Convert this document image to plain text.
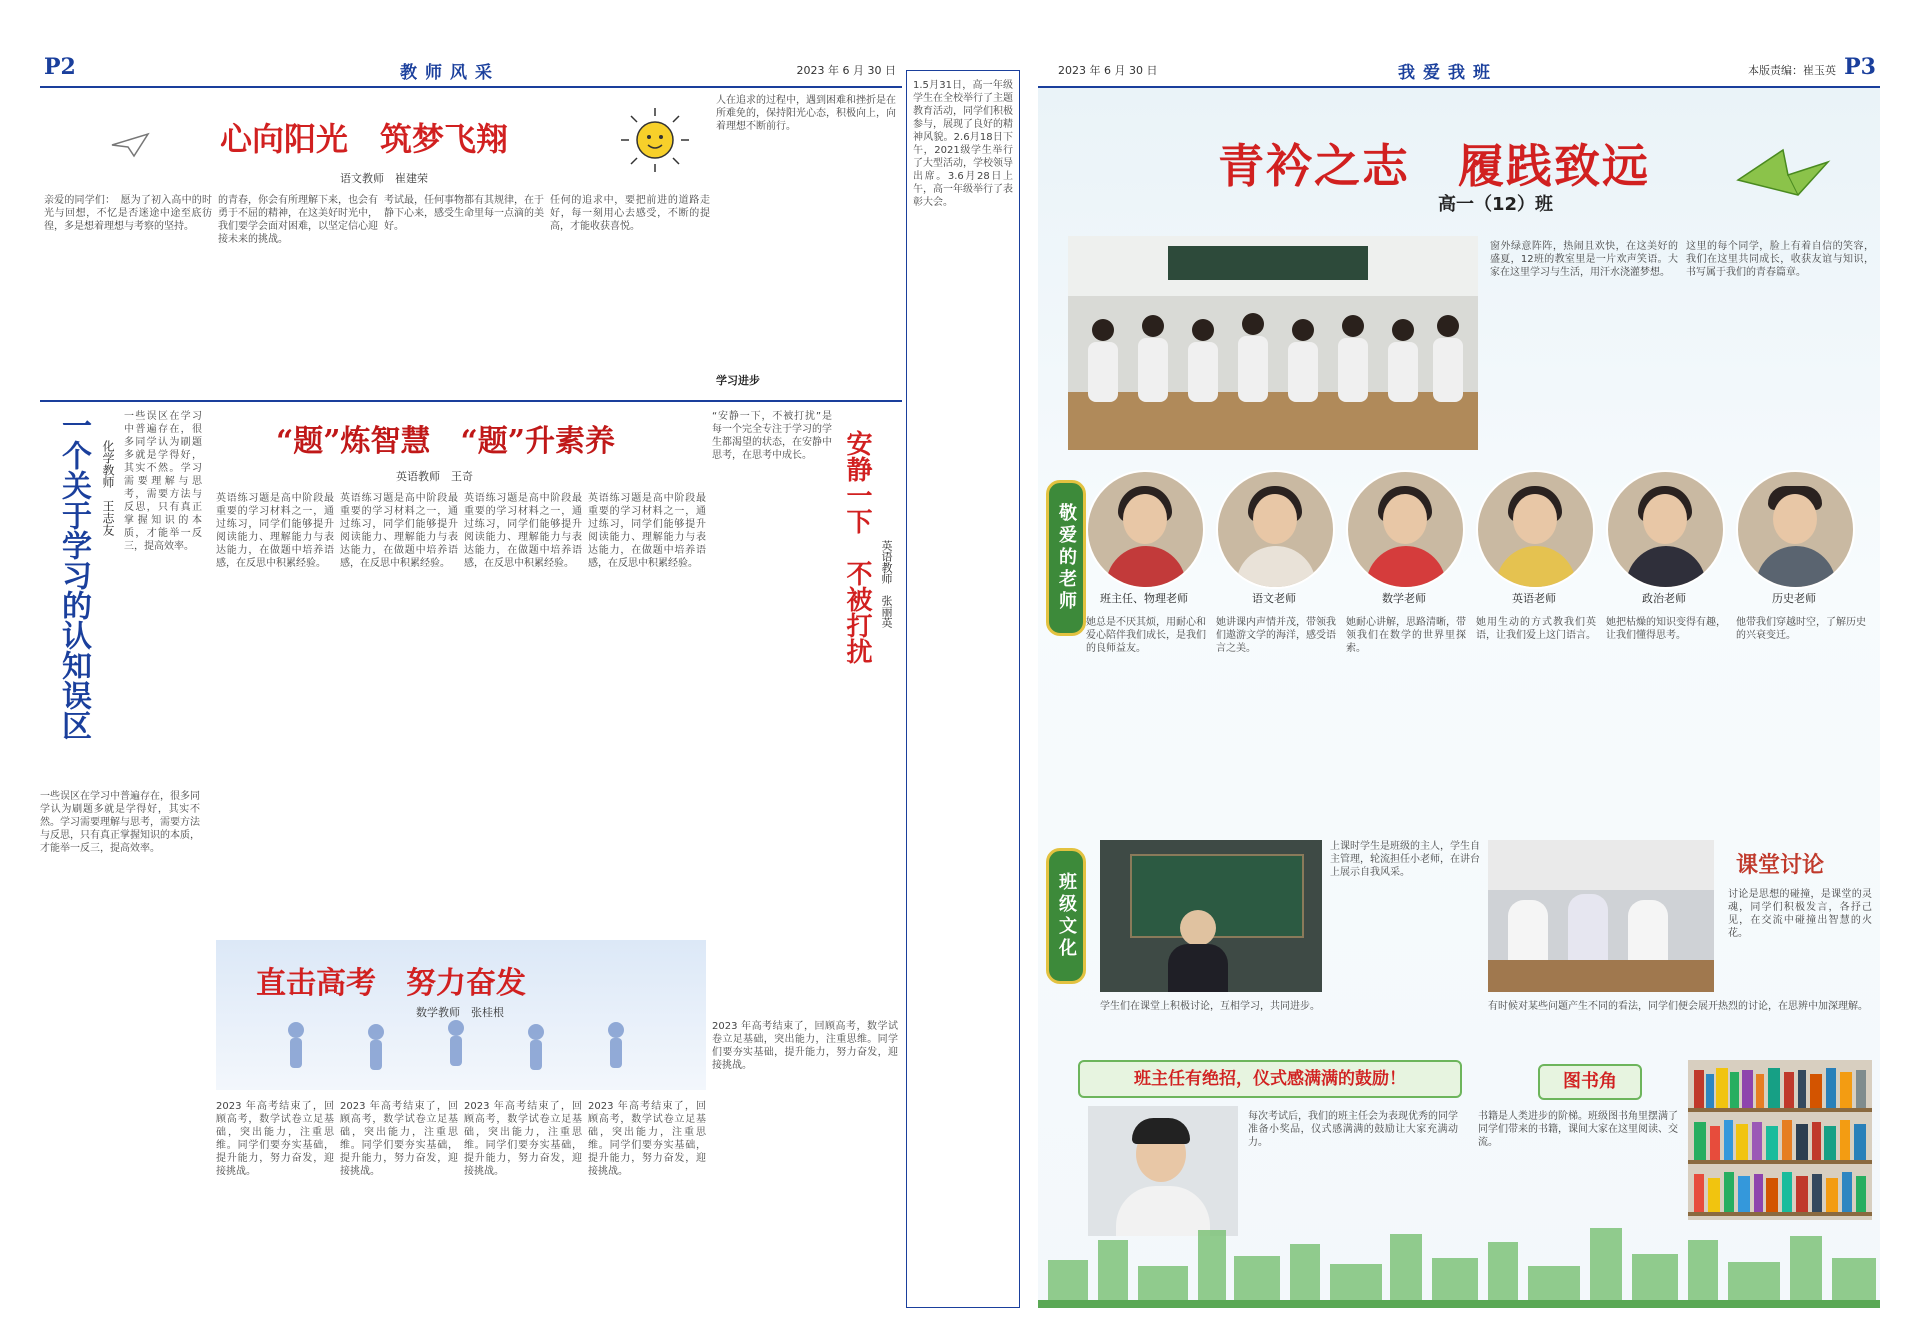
P2	教师风采	2023 年 6 月 30 日
心向阳光　筑梦飞翔
语文教师　崔建荣
亲爱的同学们：　愿为了初入高中的时光与回想，不忆是否迷途中途至底彷徨，多是想着理想与考察的坚持。
的青春，你会有所理解下来，也会有勇于不屈的精神，在这美好时光中，我们要学会面对困难，以坚定信心迎接未来的挑战。
考试最，任何事物都有其规律，在于静下心来，感受生命里每一点滴的美好。
任何的追求中，要把前进的道路走好，每一刻用心去感受，不断的提高，才能收获喜悦。
人在追求的过程中，遇到困难和挫折是在所难免的，保持阳光心态，积极向上，向着理想不断前行。
学习进步
一个关于学习的认知误区 化学教师　王志友
一些误区在学习中普遍存在，很多同学认为刷题多就是学得好，其实不然。学习需要理解与思考，需要方法与反思，只有真正掌握知识的本质，才能举一反三，提高效率。
一些误区在学习中普遍存在，很多同学认为刷题多就是学得好，其实不然。学习需要理解与思考，需要方法与反思，只有真正掌握知识的本质，才能举一反三，提高效率。
“题”炼智慧　“题”升素养
英语教师　王奇
英语练习题是高中阶段最重要的学习材料之一，通过练习，同学们能够提升阅读能力、理解能力与表达能力，在做题中培养语感，在反思中积累经验。
英语练习题是高中阶段最重要的学习材料之一，通过练习，同学们能够提升阅读能力、理解能力与表达能力，在做题中培养语感，在反思中积累经验。
英语练习题是高中阶段最重要的学习材料之一，通过练习，同学们能够提升阅读能力、理解能力与表达能力，在做题中培养语感，在反思中积累经验。
英语练习题是高中阶段最重要的学习材料之一，通过练习，同学们能够提升阅读能力、理解能力与表达能力，在做题中培养语感，在反思中积累经验。
“安静一下，不被打扰”是每一个完全专注于学习的学生都渴望的状态，在安静中思考，在思考中成长。	安静一下　不被打扰 英语教师　张丽英
直击高考　努力奋发
数学教师　张桂根
2023 年高考结束了，回顾高考，数学试卷立足基础，突出能力，注重思维。同学们要夯实基础，提升能力，努力奋发，迎接挑战。
2023 年高考结束了，回顾高考，数学试卷立足基础，突出能力，注重思维。同学们要夯实基础，提升能力，努力奋发，迎接挑战。
2023 年高考结束了，回顾高考，数学试卷立足基础，突出能力，注重思维。同学们要夯实基础，提升能力，努力奋发，迎接挑战。
2023 年高考结束了，回顾高考，数学试卷立足基础，突出能力，注重思维。同学们要夯实基础，提升能力，努力奋发，迎接挑战。
2023 年高考结束了，回顾高考，数学试卷立足基础，突出能力，注重思维。同学们要夯实基础，提升能力，努力奋发，迎接挑战。
1.5月31日，高一年级学生在全校举行了主题教育活动，同学们积极参与，展现了良好的精神风貌。2.6月18日下午，2021级学生举行了大型活动，学校领导出席。3.6月28日上午，高一年级举行了表彰大会。
2023 年 6 月 30 日	我爱我班	本版责编：崔玉英 P3
青衿之志　履践致远
高一（12）班
窗外绿意阵阵，热闹且欢快，在这美好的盛夏，12班的教室里是一片欢声笑语。大家在这里学习与生活，用汗水浇灌梦想。
这里的每个同学，脸上有着自信的笑容，我们在这里共同成长，收获友谊与知识，书写属于我们的青春篇章。
敬爱的老师	班主任、物理老师	语文老师	数学老师	英语老师	政治老师	历史老师
她总是不厌其烦，用耐心和爱心陪伴我们成长，是我们的良师益友。
她讲课内声情并茂，带领我们遨游文学的海洋，感受语言之美。
她耐心讲解，思路清晰，带领我们在数学的世界里探索。
她用生动的方式教我们英语，让我们爱上这门语言。
她把枯燥的知识变得有趣，让我们懂得思考。
他带我们穿越时空，了解历史的兴衰变迁。
班级文化
上课时学生是班级的主人，学生自主管理，轮流担任小老师，在讲台上展示自我风采。
学生们在课堂上积极讨论，互相学习，共同进步。
课堂讨论
讨论是思想的碰撞，是课堂的灵魂，同学们积极发言，各抒己见，在交流中碰撞出智慧的火花。
有时候对某些问题产生不同的看法，同学们便会展开热烈的讨论，在思辨中加深理解。
班主任有绝招，仪式感满满的鼓励！
每次考试后，我们的班主任会为表现优秀的同学准备小奖品，仪式感满满的鼓励让大家充满动力。
图书角
书籍是人类进步的阶梯。班级图书角里摆满了同学们带来的书籍，课间大家在这里阅读、交流。
